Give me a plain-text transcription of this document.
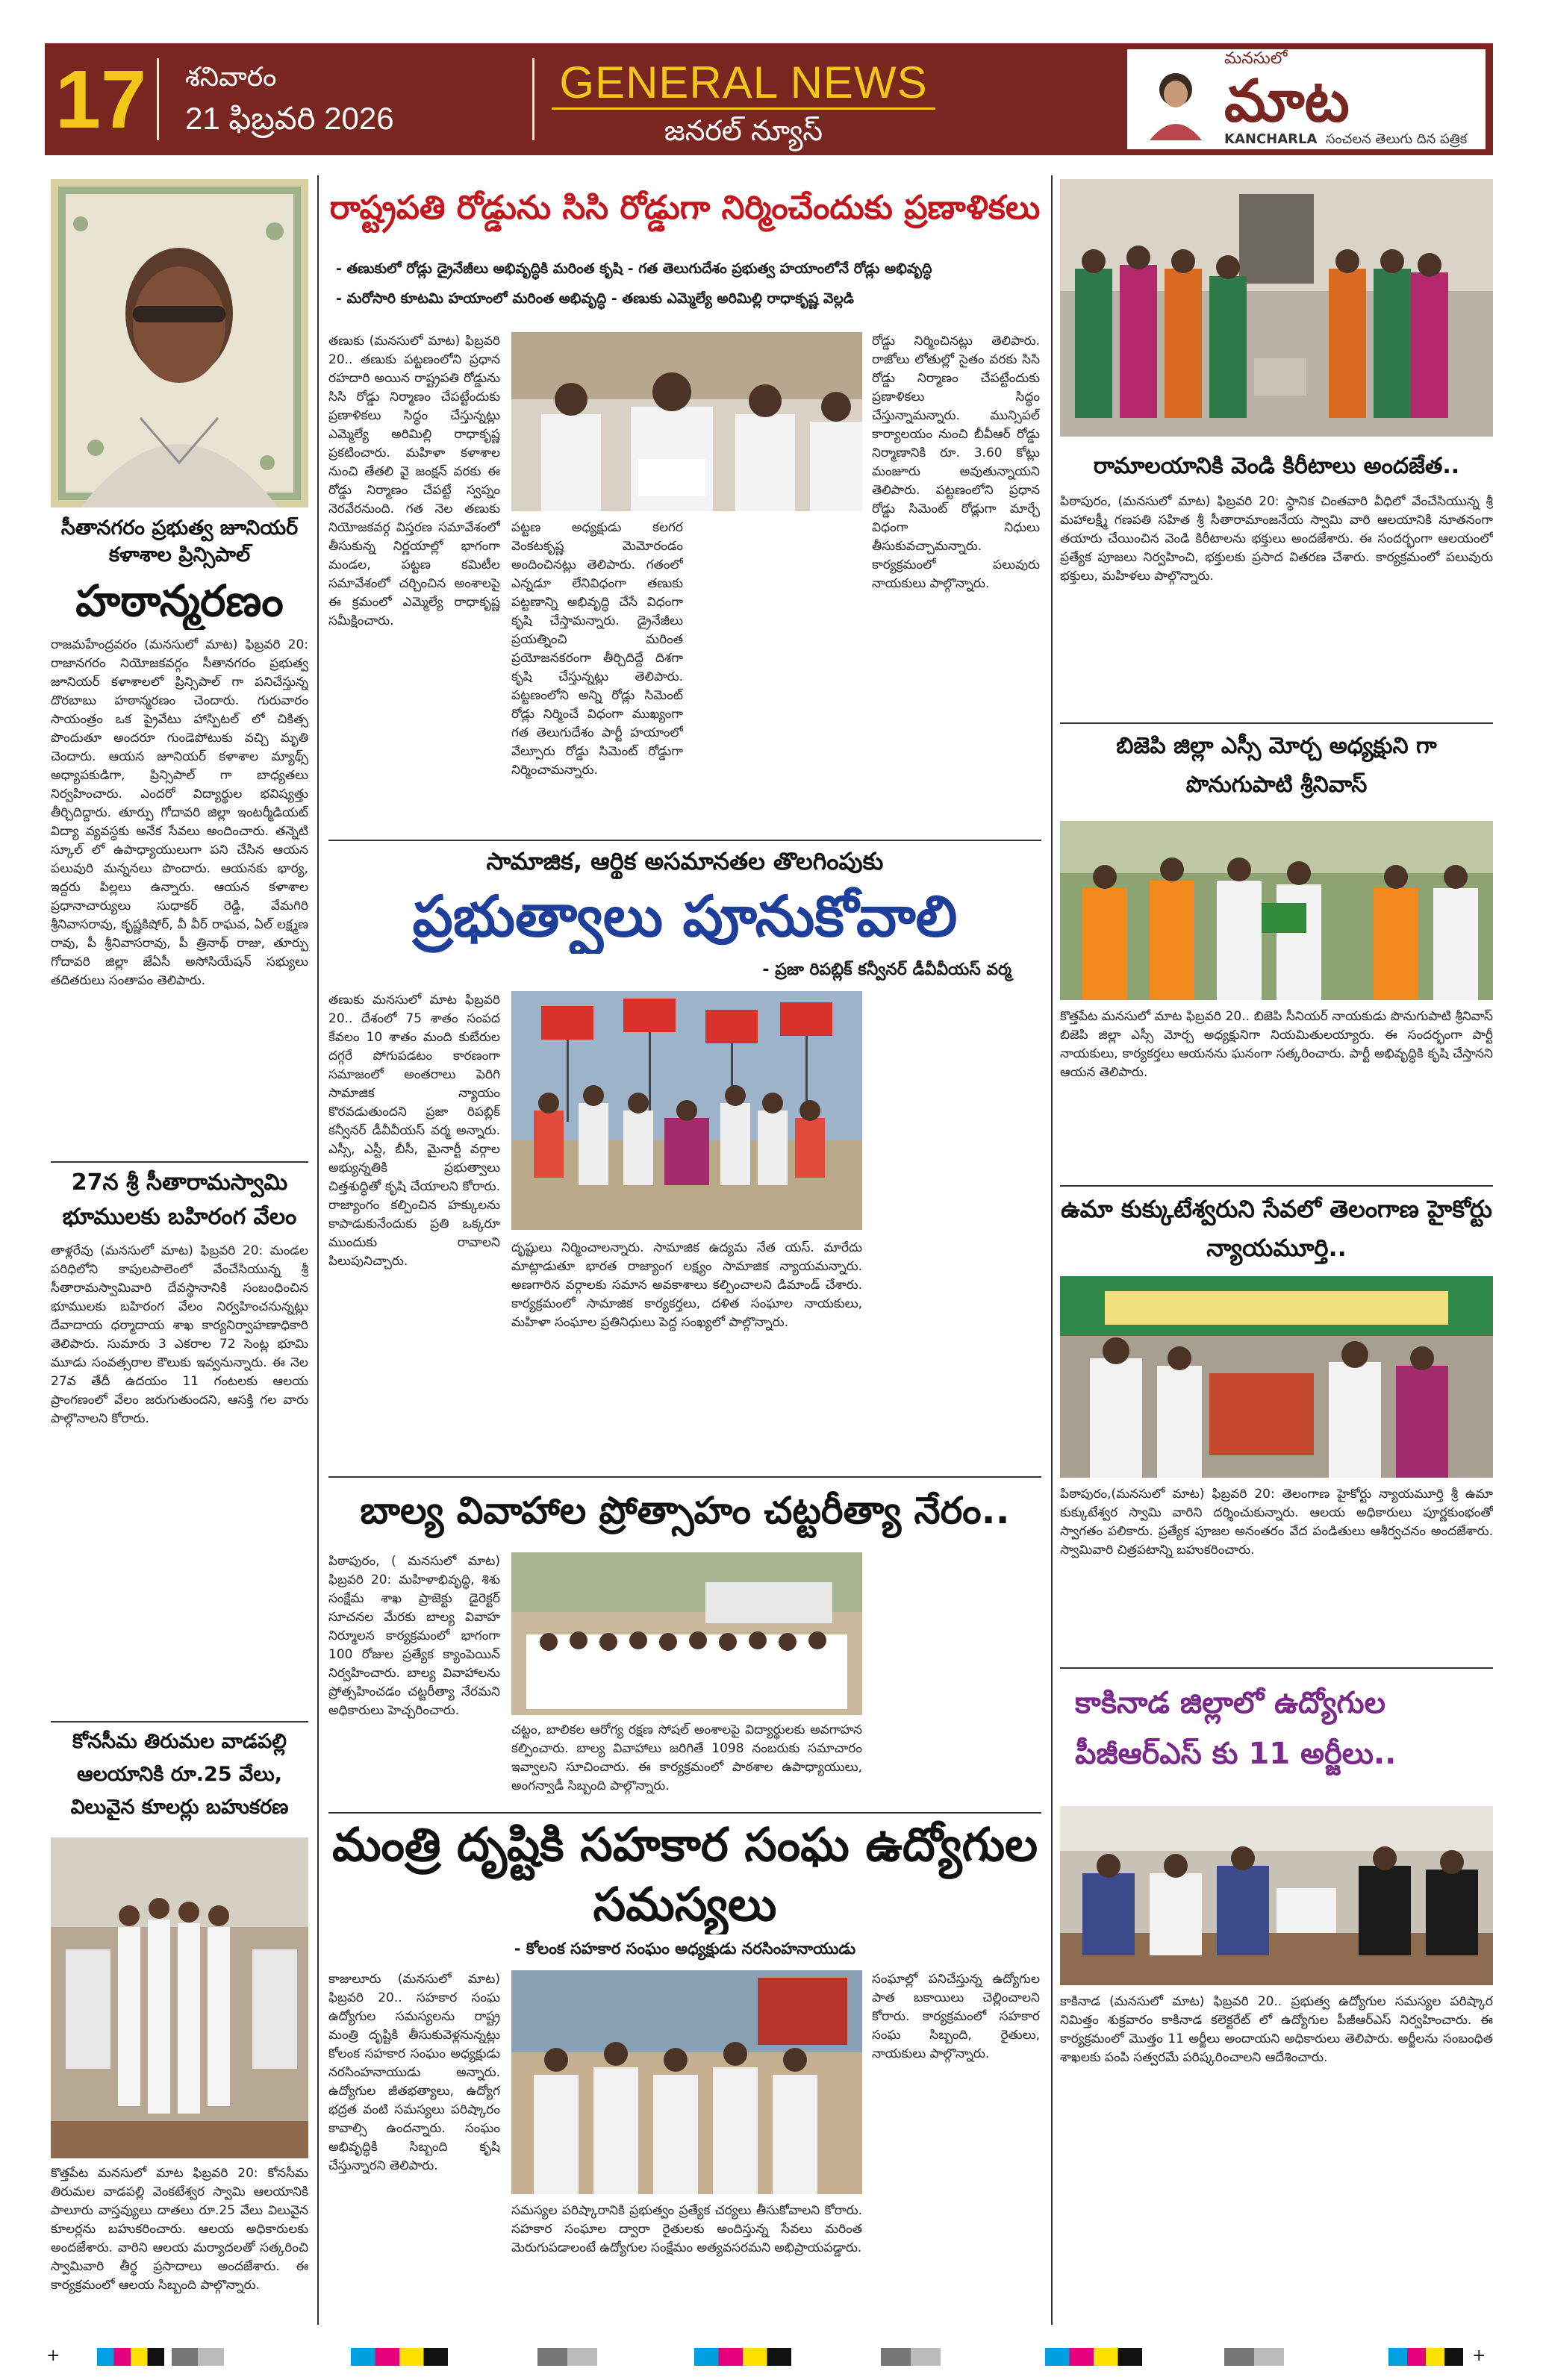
17	శనివారం
21 ఫిబ్రవరి 2026
GENERAL NEWS
జనరల్ న్యూస్
మనసులో
మాట
KANCHARLA సంచలన తెలుగు దిన పత్రిక
సీతానగరం ప్రభుత్వ జూనియర్ కళాశాల ప్రిన్సిపాల్
హఠాన్మరణం
రాజమహేంద్రవరం (మనసులో మాట) ఫిబ్రవరి 20: రాజానగరం నియోజకవర్గం సీతానగరం ప్రభుత్వ జూనియర్ కళాశాలలో ప్రిన్సిపాల్ గా పనిచేస్తున్న దొరబాబు హఠాన్మరణం చెందారు. గురువారం సాయంత్రం ఒక ప్రైవేటు హాస్పిటల్ లో చికిత్స పొందుతూ అందరూ గుండెపోటుకు వచ్చి మృతి చెందారు. ఆయన జూనియర్ కళాశాల మ్యాథ్స్ అధ్యాపకుడిగా, ప్రిన్సిపాల్ గా బాధ్యతలు నిర్వహించారు. ఎందరో విద్యార్థుల భవిష్యత్తు తీర్చిదిద్దారు. తూర్పు గోదావరి జిల్లా ఇంటర్మీడియట్ విద్యా వ్యవస్థకు అనేక సేవలు అందించారు. తన్నెటి స్కూల్ లో ఉపాధ్యాయులుగా పని చేసిన ఆయన పలువురి మన్ననలు పొందారు. ఆయనకు భార్య, ఇద్దరు పిల్లలు ఉన్నారు. ఆయన కళాశాల ప్రధానాచార్యులు సుధాకర్ రెడ్డి, వేమగిరి శ్రీనివాసరావు, కృష్ణకిషోర్, వీ వీర్ రాఘవ, ఏల్ లక్ష్మణ రావు, పీ శ్రీనివాసరావు, పీ త్రినాథ్ రాజు, తూర్పు గోదావరి జిల్లా జేఏసీ అసోసియేషన్ సభ్యులు తదితరులు సంతాపం తెలిపారు.
27న శ్రీ సీతారామస్వామి భూములకు బహిరంగ వేలం
తాళ్లరేవు (మనసులో మాట) ఫిబ్రవరి 20: మండల పరిధిలోని కాపులపాలెంలో వేంచేసియున్న శ్రీ సీతారామస్వామివారి దేవస్థానానికి సంబంధించిన భూములకు బహిరంగ వేలం నిర్వహించనున్నట్లు దేవాదాయ ధర్మాదాయ శాఖ కార్యనిర్వాహణాధికారి తెలిపారు. సుమారు 3 ఎకరాల 72 సెంట్ల భూమి మూడు సంవత్సరాల కౌలుకు ఇవ్వనున్నారు. ఈ నెల 27వ తేదీ ఉదయం 11 గంటలకు ఆలయ ప్రాంగణంలో వేలం జరుగుతుందని, ఆసక్తి గల వారు పాల్గొనాలని కోరారు.
కోనసీమ తిరుమల వాడపల్లి ఆలయానికి రూ.25 వేలు, విలువైన కూలర్లు బహుకరణ
కొత్తపేట మనసులో మాట ఫిబ్రవరి 20: కోనసీమ తిరుమల వాడపల్లి వెంకటేశ్వర స్వామి ఆలయానికి పాలూరు వాస్తవ్యులు దాతలు రూ.25 వేలు విలువైన కూలర్లను బహుకరించారు. ఆలయ అధికారులకు అందజేశారు. వారిని ఆలయ మర్యాదలతో సత్కరించి స్వామివారి తీర్థ ప్రసాదాలు అందజేశారు. ఈ కార్యక్రమంలో ఆలయ సిబ్బంది పాల్గొన్నారు.
రాష్ట్రపతి రోడ్డును సిసి రోడ్డుగా నిర్మించేందుకు ప్రణాళికలు
- తణుకులో రోడ్లు డ్రైనేజీలు అభివృద్ధికి మరింత కృషి - గత తెలుగుదేశం ప్రభుత్వ హయాంలోనే రోడ్లు అభివృద్ధి
- మరోసారి కూటమి హయాంలో మరింత అభివృద్ధి - తణుకు ఎమ్మెల్యే అరిమిల్లి రాధాకృష్ణ వెల్లడి
తణుకు (మనసులో మాట) ఫిబ్రవరి 20.. తణుకు పట్టణంలోని ప్రధాన రహదారి అయిన రాష్ట్రపతి రోడ్డును సిసి రోడ్డు నిర్మాణం చేపట్టేందుకు ప్రణాళికలు సిద్ధం చేస్తున్నట్లు ఎమ్మెల్యే అరిమిల్లి రాధాకృష్ణ ప్రకటించారు. మహిళా కళాశాల నుంచి తేతలి వై జంక్షన్ వరకు ఈ రోడ్డు నిర్మాణం చేపట్టే స్వప్నం నెరవేరనుంది. గత నెల తణుకు నియోజకవర్గ విస్తరణ సమావేశంలో తీసుకున్న నిర్ణయాల్లో భాగంగా మండల, పట్టణ కమిటీల సమావేశంలో చర్చించిన అంశాలపై ఈ క్రమంలో ఎమ్మెల్యే రాధాకృష్ణ సమీక్షించారు.
పట్టణ అధ్యక్షుడు కలగర వెంకటకృష్ణ మెమోరండం అందించినట్లు తెలిపారు. గతంలో ఎన్నడూ లేనివిధంగా తణుకు పట్టణాన్ని అభివృద్ధి చేసే విధంగా కృషి చేస్తామన్నారు. డ్రైనేజీలు ప్రయత్నించి మరింత ప్రయోజనకరంగా తీర్చిదిద్దే దిశగా కృషి చేస్తున్నట్లు తెలిపారు. పట్టణంలోని అన్ని రోడ్లు సిమెంట్ రోడ్లు నిర్మించే విధంగా ముఖ్యంగా గత తెలుగుదేశం పార్టీ హయాంలో వేల్పూరు రోడ్డు సిమెంట్ రోడ్డుగా నిర్మించామన్నారు.
రోడ్డు నిర్మించినట్లు తెలిపారు. రాజోలు లోతుల్లో సైతం వరకు సిసి రోడ్డు నిర్మాణం చేపట్టేందుకు ప్రణాళికలు సిద్ధం చేస్తున్నామన్నారు. మున్సిపల్ కార్యాలయం నుంచి బీవీఆర్ రోడ్డు నిర్మాణానికి రూ. 3.60 కోట్లు మంజూరు అవుతున్నాయని తెలిపారు. పట్టణంలోని ప్రధాన రోడ్డు సిమెంట్ రోడ్లుగా మార్చే విధంగా నిధులు తీసుకువచ్చామన్నారు. కార్యక్రమంలో పలువురు నాయకులు పాల్గొన్నారు.
సామాజిక, ఆర్థిక అసమానతల తొలగింపుకు
ప్రభుత్వాలు పూనుకోవాలి
- ప్రజా రిపబ్లిక్ కన్వీనర్ డీవీవీయస్ వర్మ
తణుకు మనసులో మాట ఫిబ్రవరి 20.. దేశంలో 75 శాతం సంపద కేవలం 10 శాతం మంది కుబేరుల దగ్గరే పోగుపడటం కారణంగా సమాజంలో అంతరాలు పెరిగి సామాజిక న్యాయం కొరవడుతుందని ప్రజా రిపబ్లిక్ కన్వీనర్ డీవీవీయస్ వర్మ అన్నారు. ఎస్సీ, ఎస్టీ, బీసీ, మైనార్టీ వర్గాల అభ్యున్నతికి ప్రభుత్వాలు చిత్తశుద్ధితో కృషి చేయాలని కోరారు. రాజ్యాంగం కల్పించిన హక్కులను కాపాడుకునేందుకు ప్రతి ఒక్కరూ ముందుకు రావాలని పిలుపునిచ్చారు.
దృష్టులు నిర్మించాలన్నారు. సామాజిక ఉద్యమ నేత యస్. మారేదు మాట్లాడుతూ భారత రాజ్యాంగ లక్ష్యం సామాజిక న్యాయమన్నారు. అణగారిన వర్గాలకు సమాన అవకాశాలు కల్పించాలని డిమాండ్ చేశారు. కార్యక్రమంలో సామాజిక కార్యకర్తలు, దళిత సంఘాల నాయకులు, మహిళా సంఘాల ప్రతినిధులు పెద్ద సంఖ్యలో పాల్గొన్నారు.
బాల్య వివాహాల ప్రోత్సాహం చట్టరీత్యా నేరం..
పిఠాపురం, ( మనసులో మాట) ఫిబ్రవరి 20: మహిళాభివృద్ధి, శిశు సంక్షేమ శాఖ ప్రాజెక్టు డైరెక్టర్ సూచనల మేరకు బాల్య వివాహ నిర్మూలన కార్యక్రమంలో భాగంగా 100 రోజుల ప్రత్యేక క్యాంపెయిన్ నిర్వహించారు. బాల్య వివాహాలను ప్రోత్సహించడం చట్టరీత్యా నేరమని అధికారులు హెచ్చరించారు.
చట్టం, బాలికల ఆరోగ్య రక్షణ సోషల్ అంశాలపై విద్యార్థులకు అవగాహన కల్పించారు. బాల్య వివాహాలు జరిగితే 1098 నంబరుకు సమాచారం ఇవ్వాలని సూచించారు. ఈ కార్యక్రమంలో పాఠశాల ఉపాధ్యాయులు, అంగన్వాడీ సిబ్బంది పాల్గొన్నారు.
మంత్రి దృష్టికి సహకార సంఘ ఉద్యోగుల సమస్యలు
- కోలంక సహకార సంఘం అధ్యక్షుడు నరసింహనాయుడు
కాజులూరు (మనసులో మాట) ఫిబ్రవరి 20.. సహకార సంఘ ఉద్యోగుల సమస్యలను రాష్ట్ర మంత్రి దృష్టికి తీసుకువెళ్లనున్నట్లు కోలంక సహకార సంఘం అధ్యక్షుడు నరసింహనాయుడు అన్నారు. ఉద్యోగుల జీతభత్యాలు, ఉద్యోగ భద్రత వంటి సమస్యలు పరిష్కారం కావాల్సి ఉందన్నారు. సంఘం అభివృద్ధికి సిబ్బంది కృషి చేస్తున్నారని తెలిపారు.
సమస్యల పరిష్కారానికి ప్రభుత్వం ప్రత్యేక చర్యలు తీసుకోవాలని కోరారు. సహకార సంఘాల ద్వారా రైతులకు అందిస్తున్న సేవలు మరింత మెరుగుపడాలంటే ఉద్యోగుల సంక్షేమం అత్యవసరమని అభిప్రాయపడ్డారు.
సంఘాల్లో పనిచేస్తున్న ఉద్యోగుల పాత బకాయిలు చెల్లించాలని కోరారు. కార్యక్రమంలో సహకార సంఘ సిబ్బంది, రైతులు, నాయకులు పాల్గొన్నారు.
రామాలయానికి వెండి కిరీటాలు అందజేత..
పిఠాపురం, (మనసులో మాట) ఫిబ్రవరి 20: స్థానిక చింతవారి వీధిలో వేంచేసియున్న శ్రీ మహాలక్ష్మీ గణపతి సహిత శ్రీ సీతారామాంజనేయ స్వామి వారి ఆలయానికి నూతనంగా తయారు చేయించిన వెండి కిరీటాలను భక్తులు అందజేశారు. ఈ సందర్భంగా ఆలయంలో ప్రత్యేక పూజలు నిర్వహించి, భక్తులకు ప్రసాద వితరణ చేశారు. కార్యక్రమంలో పలువురు భక్తులు, మహిళలు పాల్గొన్నారు.
బిజెపి జిల్లా ఎస్సీ మోర్చ అధ్యక్షుని గా పొనుగుపాటి శ్రీనివాస్
కొత్తపేట మనసులో మాట ఫిబ్రవరి 20.. బిజెపి సీనియర్ నాయకుడు పొనుగుపాటి శ్రీనివాస్ బిజెపి జిల్లా ఎస్సీ మోర్చ అధ్యక్షునిగా నియమితులయ్యారు. ఈ సందర్భంగా పార్టీ నాయకులు, కార్యకర్తలు ఆయనను ఘనంగా సత్కరించారు. పార్టీ అభివృద్ధికి కృషి చేస్తానని ఆయన తెలిపారు.
ఉమా కుక్కుటేశ్వరుని సేవలో తెలంగాణ హైకోర్టు న్యాయమూర్తి..
పిఠాపురం,(మనసులో మాట) ఫిబ్రవరి 20: తెలంగాణ హైకోర్టు న్యాయమూర్తి శ్రీ ఉమా కుక్కుటేశ్వర స్వామి వారిని దర్శించుకున్నారు. ఆలయ అధికారులు పూర్ణకుంభంతో స్వాగతం పలికారు. ప్రత్యేక పూజల అనంతరం వేద పండితులు ఆశీర్వచనం అందజేశారు. స్వామివారి చిత్రపటాన్ని బహుకరించారు.
కాకినాడ జిల్లాలో ఉద్యోగుల పీజీఆర్ఎస్ కు 11 అర్జీలు..
కాకినాడ (మనసులో మాట) ఫిబ్రవరి 20.. ప్రభుత్వ ఉద్యోగుల సమస్యల పరిష్కార నిమిత్తం శుక్రవారం కాకినాడ కలెక్టరేట్ లో ఉద్యోగుల పీజీఆర్ఎస్ నిర్వహించారు. ఈ కార్యక్రమంలో మొత్తం 11 అర్జీలు అందాయని అధికారులు తెలిపారు. అర్జీలను సంబంధిత శాఖలకు పంపి సత్వరమే పరిష్కరించాలని ఆదేశించారు.
+	+
